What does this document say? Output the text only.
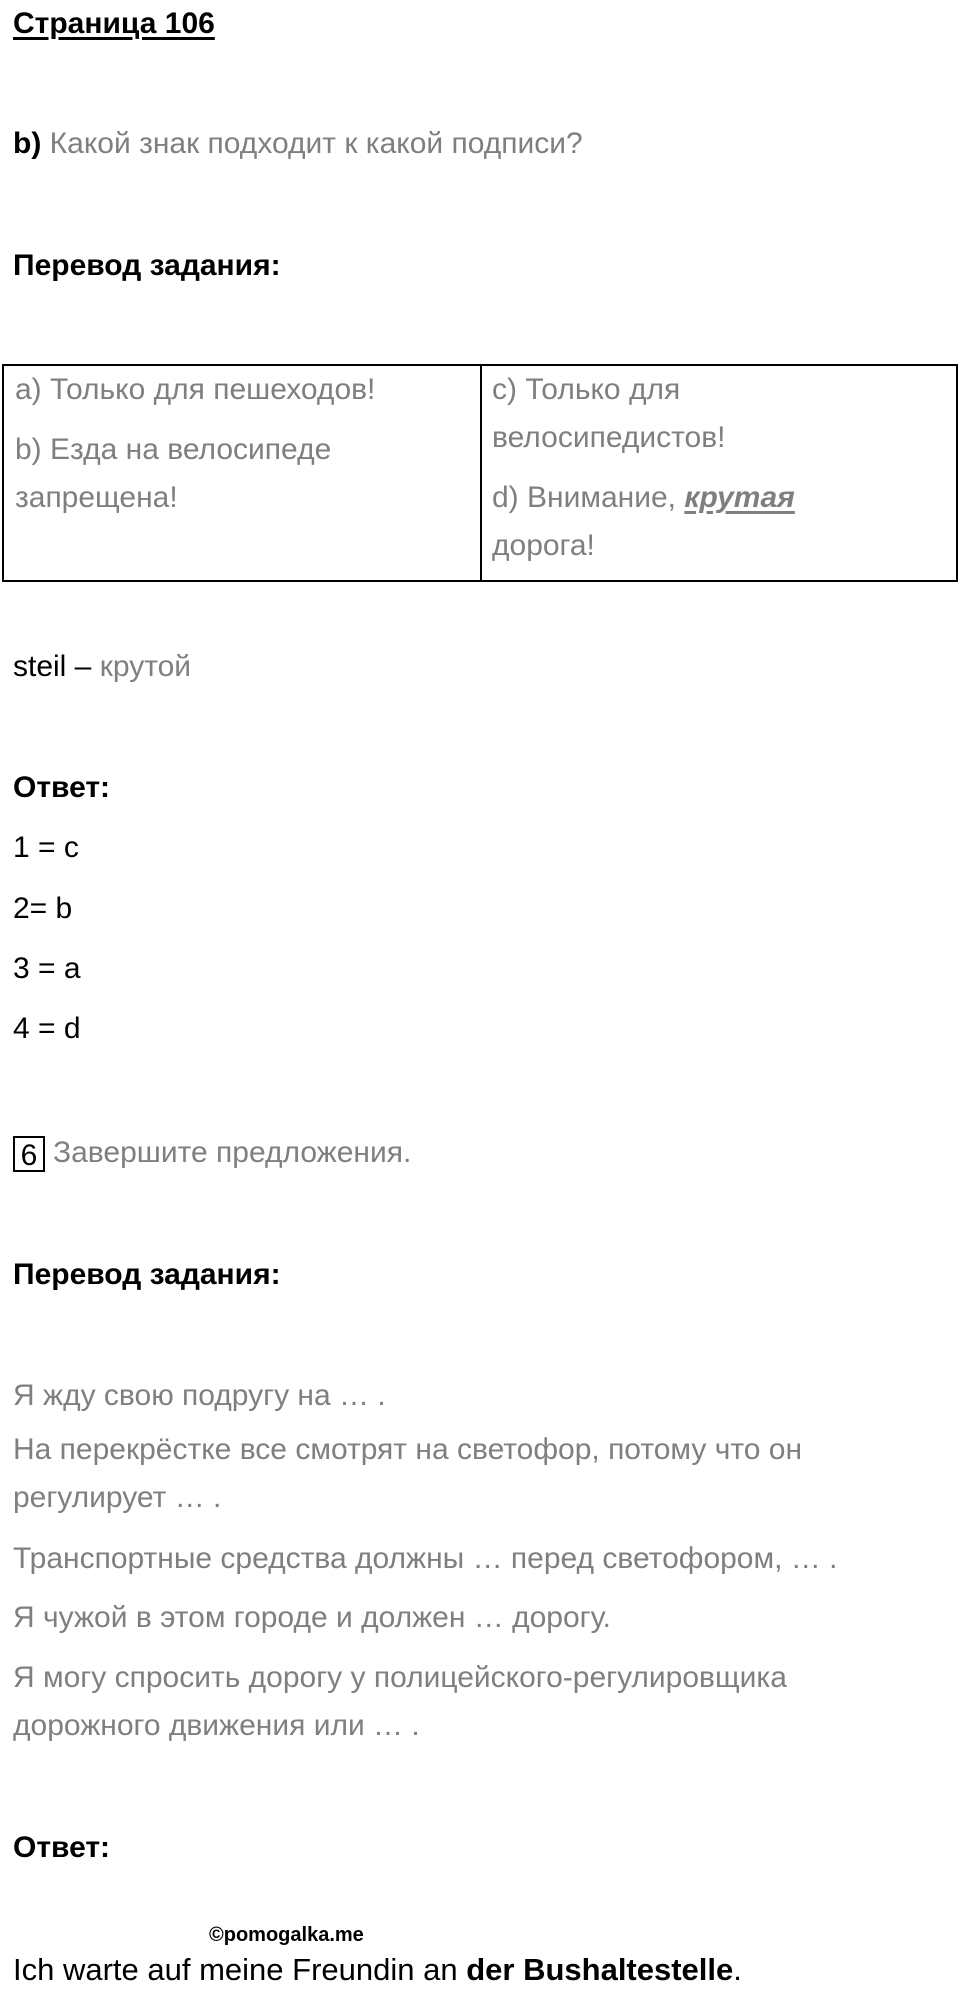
Страница 106
b) Какой знак подходит к какой подписи?
Перевод задания:
a) Только для пешеходов!
b) Езда на велосипеде запрещена!
c) Только для велосипедистов!
d) Внимание, крутая
дорога!
steil – крутой
Ответ:
1 = c
2= b
3 = a
4 = d
6 Завершите предложения.
Перевод задания:
Я жду свою подругу на … .
На перекрёстке все смотрят на светофор, потому что он
регулирует … .
Транспортные средства должны … перед светофором, … .
Я чужой в этом городе и должен … дорогу.
Я могу спросить дорогу у полицейского-регулировщика
дорожного движения или … .
Ответ:
©pomogalka.me
Ich warte auf meine Freundin an der Bushaltestelle.
